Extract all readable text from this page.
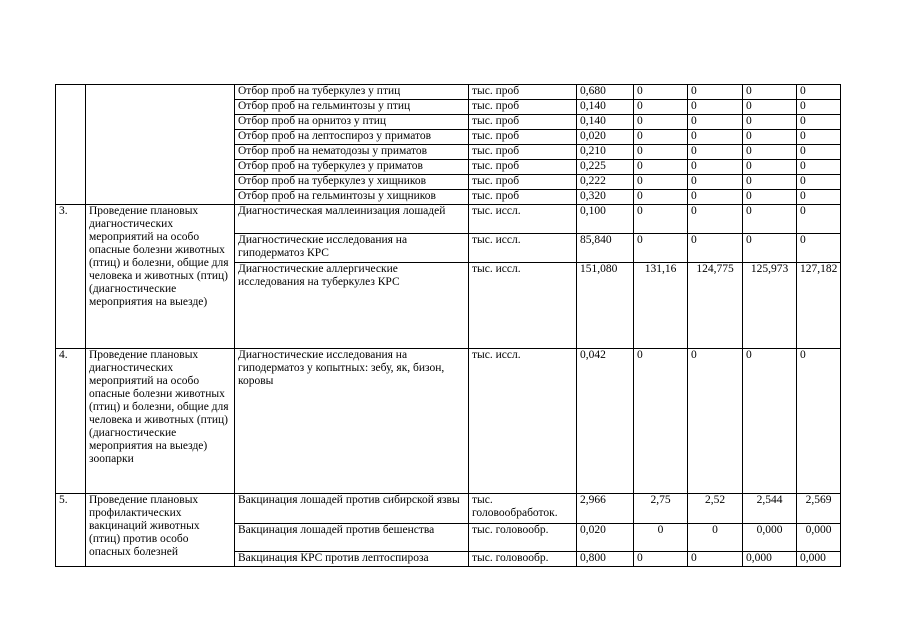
		Отбор проб на туберкулез у птиц	тыс. проб	0,680	0	0	0	0
		Отбор проб на гельминтозы у птиц	тыс. проб	0,140	0	0	0	0
		Отбор проб на орнитоз у птиц	тыс. проб	0,140	0	0	0	0
		Отбор проб на лептоспироз у приматов	тыс. проб	0,020	0	0	0	0
		Отбор проб на нематодозы у приматов	тыс. проб	0,210	0	0	0	0
		Отбор проб на туберкулез у приматов	тыс. проб	0,225	0	0	0	0
		Отбор проб на туберкулез у хищников	тыс. проб	0,222	0	0	0	0
		Отбор проб на гельминтозы у хищников	тыс. проб	0,320	0	0	0	0
3.	Проведение плановых диагностических мероприятий на особо опасные болезни животных (птиц) и болезни, общие для человека и животных (птиц) (диагностические мероприятия на выезде)	Диагностическая маллеинизация лошадей	тыс. иссл.	0,100	0	0	0	0
		Диагностические исследования на гиподерматоз КРС	тыс. иссл.	85,840	0	0	0	0
		Диагностические аллергические исследования на туберкулез КРС	тыс. иссл.	151,080	131,16	124,775	125,973	127,182
4.	Проведение плановых диагностических мероприятий на особо опасные болезни животных (птиц) и болезни, общие для человека и животных (птиц) (диагностические мероприятия на выезде) зоопарки	Диагностические исследования на гиподерматоз у копытных: зебу, як, бизон, коровы	тыс. иссл.	0,042	0	0	0	0
5.	Проведение плановых профилактических вакцинаций животных (птиц) против особо опасных болезней	Вакцинация лошадей против сибирской язвы	тыс. головообработок.	2,966	2,75	2,52	2,544	2,569
		Вакцинация лошадей против бешенства	тыс. головообр.	0,020	0	0	0,000	0,000
		Вакцинация КРС против лептоспироза	тыс. головообр.	0,800	0	0	0,000	0,000
